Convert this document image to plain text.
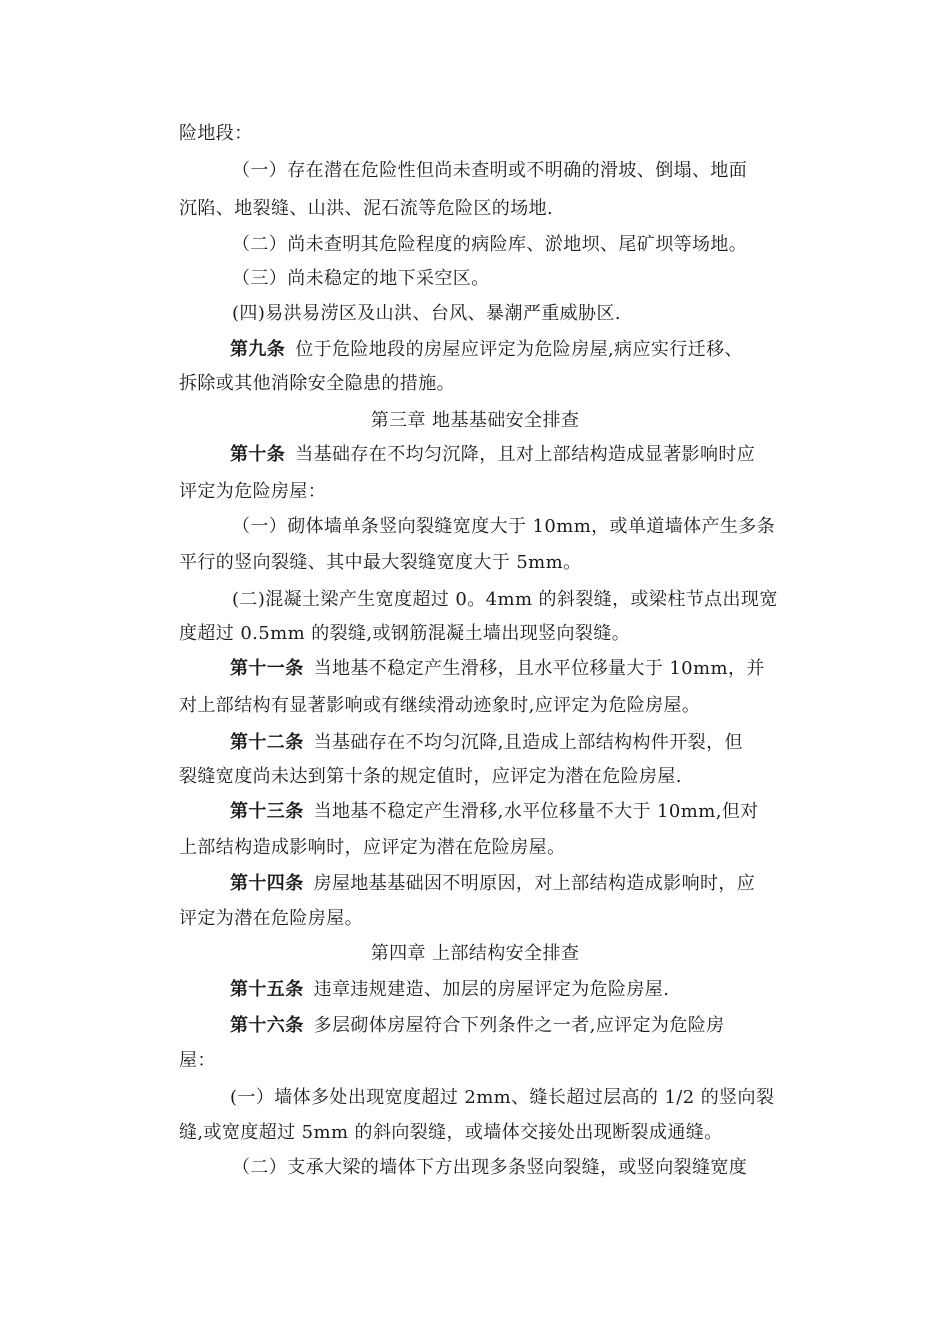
险地段：
（一）存在潜在危险性但尚未查明或不明确的滑坡、倒塌、地面
沉陷、地裂缝、山洪、泥石流等危险区的场地.
（二）尚未查明其危险程度的病险库、淤地坝、尾矿坝等场地。
（三）尚未稳定的地下采空区。
(四)易洪易涝区及山洪、台风、暴潮严重威胁区.
第九条 位于危险地段的房屋应评定为危险房屋,病应实行迁移、
拆除或其他消除安全隐患的措施。
第三章 地基基础安全排查
第十条 当基础存在不均匀沉降，且对上部结构造成显著影响时应
评定为危险房屋：
（一）砌体墙单条竖向裂缝宽度大于 10mm，或单道墙体产生多条
平行的竖向裂缝、其中最大裂缝宽度大于 5mm。
(二)混凝土梁产生宽度超过 0。4mm 的斜裂缝，或梁柱节点出现宽
度超过 0.5mm 的裂缝,或钢筋混凝土墙出现竖向裂缝。
第十一条 当地基不稳定产生滑移，且水平位移量大于 10mm，并
对上部结构有显著影响或有继续滑动迹象时,应评定为危险房屋。
第十二条 当基础存在不均匀沉降,且造成上部结构构件开裂，但
裂缝宽度尚未达到第十条的规定值时，应评定为潜在危险房屋.
第十三条 当地基不稳定产生滑移,水平位移量不大于 10mm,但对
上部结构造成影响时，应评定为潜在危险房屋。
第十四条 房屋地基基础因不明原因，对上部结构造成影响时，应
评定为潜在危险房屋。
第四章 上部结构安全排查
第十五条 违章违规建造、加层的房屋评定为危险房屋.
第十六条 多层砌体房屋符合下列条件之一者,应评定为危险房
屋：
(一）墙体多处出现宽度超过 2mm、缝长超过层高的 1/2 的竖向裂
缝,或宽度超过 5mm 的斜向裂缝，或墙体交接处出现断裂成通缝。
（二）支承大梁的墙体下方出现多条竖向裂缝，或竖向裂缝宽度
